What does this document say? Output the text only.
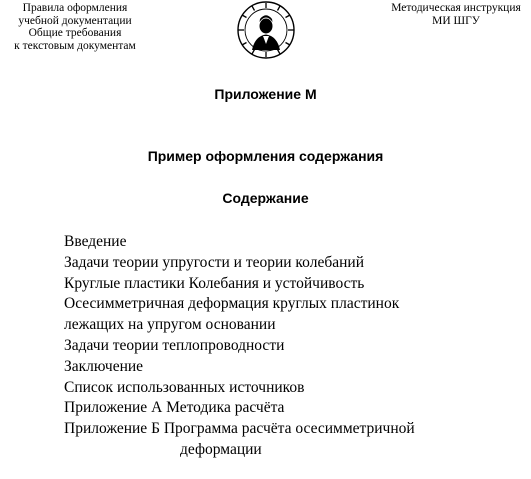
Правила оформления
учебной документации
Общие требования
к текстовым документам
Методическая инструкция
МИ ШГУ
Приложение М
Пример оформления содержания
Содержание
Введение
Задачи теории упругости и теории колебаний
Круглые пластики Колебания и устойчивость
Осесимметричная деформация круглых пластинок
лежащих на упругом основании
Задачи теории теплопроводности
Заключение
Список использованных источников
Приложение А Методика расчёта
Приложение Б Программа расчёта осесимметричной
деформации
